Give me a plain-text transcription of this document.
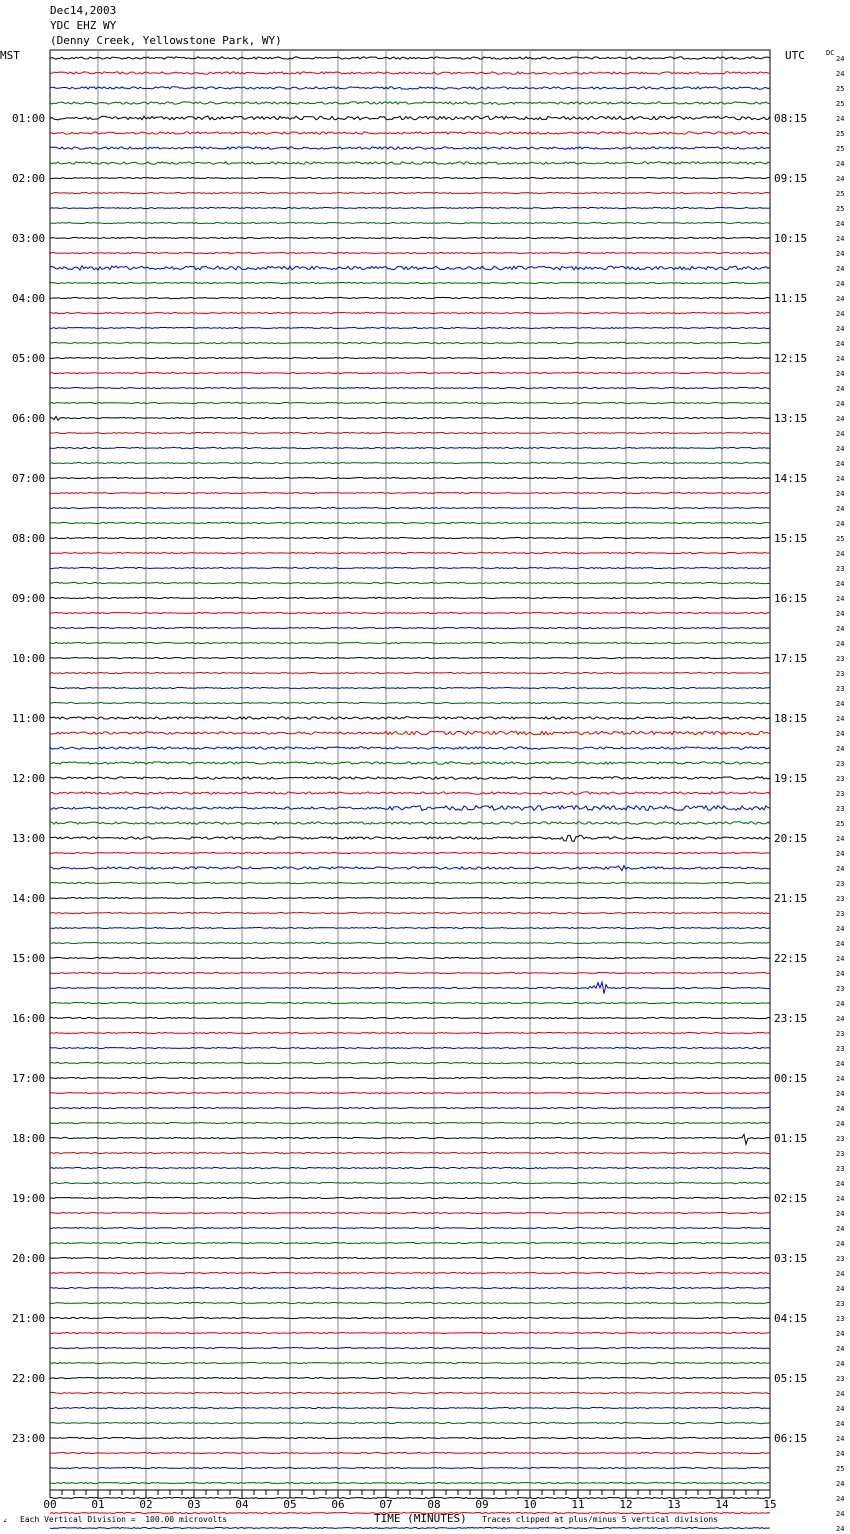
Dec14,2003
YDC EHZ WY
(Denny Creek, Yellowstone Park, WY)
MST	UTC	DC
24
24
25
25
24
25
25
24
24
25
25
24
24
24
24
24
24
24
24
24
24
24
24
24
24
24
24
24
24
24
24
24
25
24
23
24
24
24
24
24
23
23
23
24
24
24
24
23
23
23
23
25
24
24
24
23
23
23
24
24
24
24
23
24
24
23
23
24
24
24
24
24
23
23
23
24
24
24
24
24
23
24
24
23
23
24
24
24
23
24
24
24
24
24
25
24
24
24
24
01:00
02:00
03:00
04:00
05:00
06:00
07:00
08:00
09:00
10:00
11:00
12:00
13:00
14:00
15:00
16:00
17:00
18:00
19:00
20:00
21:00
22:00
23:00
08:15
09:15
10:15
11:15
12:15
13:15
14:15
15:15
16:15
17:15
18:15
19:15
20:15
21:15
22:15
23:15
00:15
01:15
02:15
03:15
04:15
05:15
06:15
00	01	02	03	04	05	06	07	08	09	10	11	12	13	14	15
∠ Each Vertical Division =  100.00 microvolts	TIME (MINUTES) Traces clipped at plus/minus 5 vertical divisions
